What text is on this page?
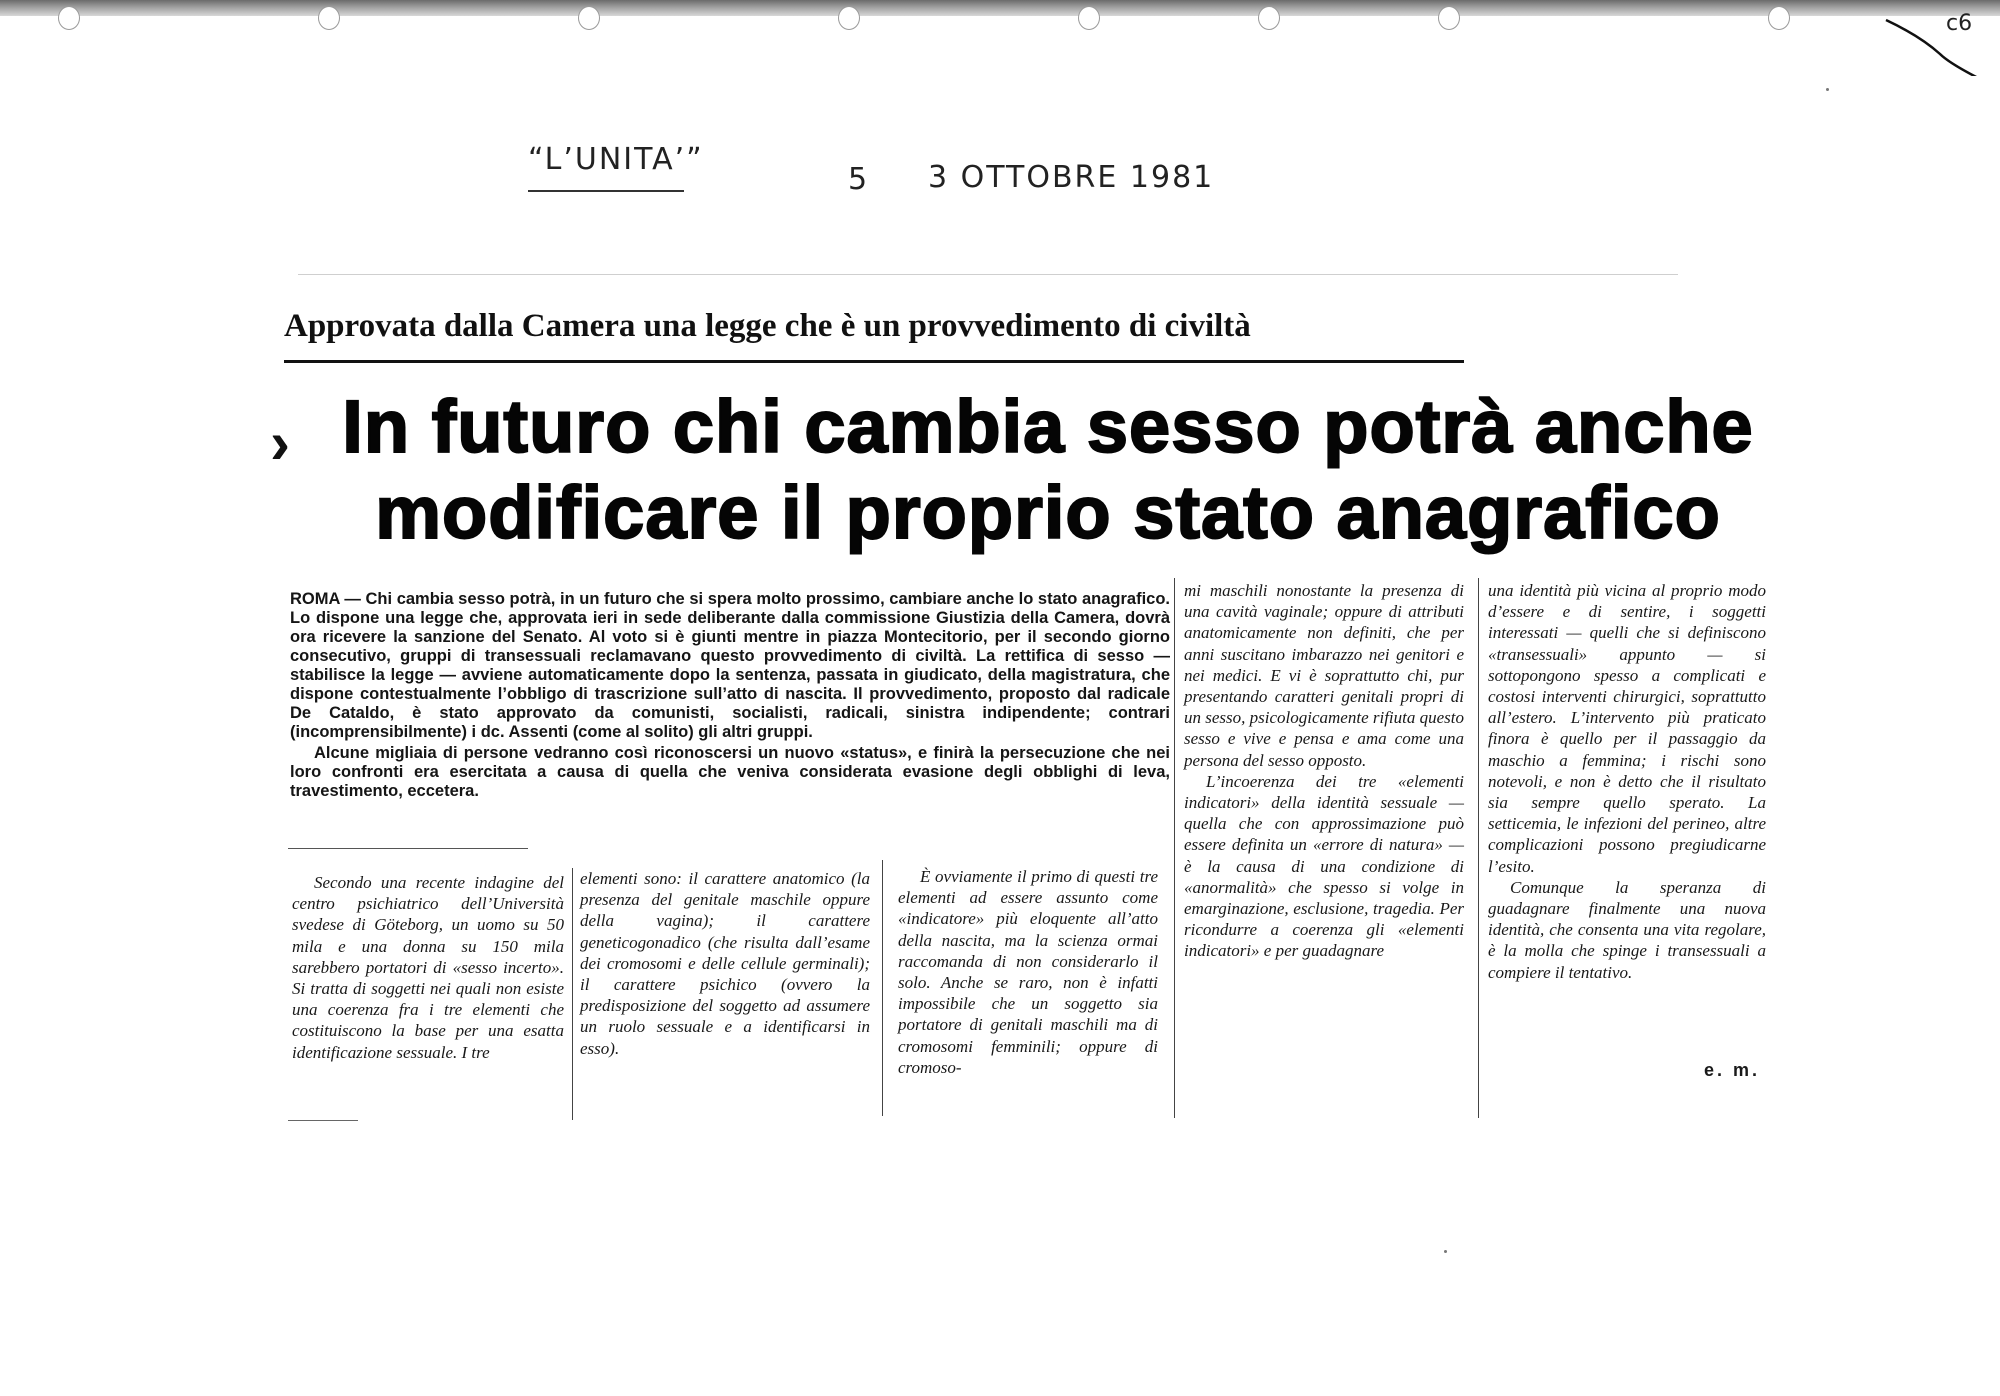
c6
“L’UNITA’”
5 3 OTTOBRE 1981
Approvata dalla Camera una legge che è un provvedimento di civiltà
› In futuro chi cambia sesso potrà anche
modificare il proprio stato anagrafico

ROMA — Chi cambia sesso potrà, in un futuro che si spera molto prossimo, cambiare anche lo stato anagrafico. Lo dispone una legge che, approvata ieri in sede deliberante dalla commissione Giustizia della Camera, dovrà ora ricevere la sanzione del Senato. Al voto si è giunti mentre in piazza Montecitorio, per il secondo giorno consecutivo, gruppi di transessuali reclamavano questo provvedimento di civiltà. La rettifica di sesso — stabilisce la legge — avviene automaticamente dopo la sentenza, passata in giudicato, della magistratura, che dispone contestualmente l’obbligo di trascrizione sull’atto di nascita. Il provvedimento, proposto dal radicale De Cataldo, è stato approvato da comunisti, socialisti, radicali, sinistra indipendente; contrari (incomprensibilmente) i dc. Assenti (come al solito) gli altri gruppi.

Alcune migliaia di persone vedranno così riconoscersi un nuovo «status», e finirà la persecuzione che nei loro confronti era esercitata a causa di quella che veniva considerata evasione degli obblighi di leva, travestimento, eccetera.

Secondo una recente indagine del centro psichiatrico dell’Università svedese di Göteborg, un uomo su 50 mila e una donna su 150 mila sarebbero portatori di «sesso incerto». Si tratta di soggetti nei quali non esiste una coerenza fra i tre elementi che costituiscono la base per una esatta identificazione sessuale. I tre

elementi sono: il carattere anatomico (la presenza del genitale maschile oppure della vagina); il carattere geneticogonadico (che risulta dall’esame dei cromosomi e delle cellule germinali); il carattere psichico (ovvero la predisposizione del soggetto ad assumere un ruolo sessuale e a identificarsi in esso).

È ovviamente il primo di questi tre elementi ad essere assunto come «indicatore» più eloquente all’atto della nascita, ma la scienza ormai raccomanda di non considerarlo il solo. Anche se raro, non è infatti impossibile che un soggetto sia portatore di genitali maschili ma di cromosomi femminili; oppure di cromoso-

mi maschili nonostante la presenza di una cavità vaginale; oppure di attributi anatomicamente non definiti, che per anni suscitano imbarazzo nei genitori e nei medici. E vi è soprattutto chi, pur presentando caratteri genitali propri di un sesso, psicologicamente rifiuta questo sesso e vive e pensa e ama come una persona del sesso opposto.

L’incoerenza dei tre «elementi indicatori» della identità sessuale — quella che con approssimazione può essere definita un «errore di natura» — è la causa di una condizione di «anormalità» che spesso si volge in emarginazione, esclusione, tragedia. Per ricondurre a coerenza gli «elementi indicatori» e per guadagnare

una identità più vicina al proprio modo d’essere e di sentire, i soggetti interessati — quelli che si definiscono «transessuali» appunto — si sottopongono spesso a complicati e costosi interventi chirurgici, soprattutto all’estero. L’intervento più praticato finora è quello per il passaggio da maschio a femmina; i rischi sono notevoli, e non è detto che il risultato sia sempre quello sperato. La setticemia, le infezioni del perineo, altre complicazioni possono pregiudicarne l’esito.

Comunque la speranza di guadagnare finalmente una nuova identità, che consenta una vita regolare, è la molla che spinge i transessuali a compiere il tentativo.

e. m.
